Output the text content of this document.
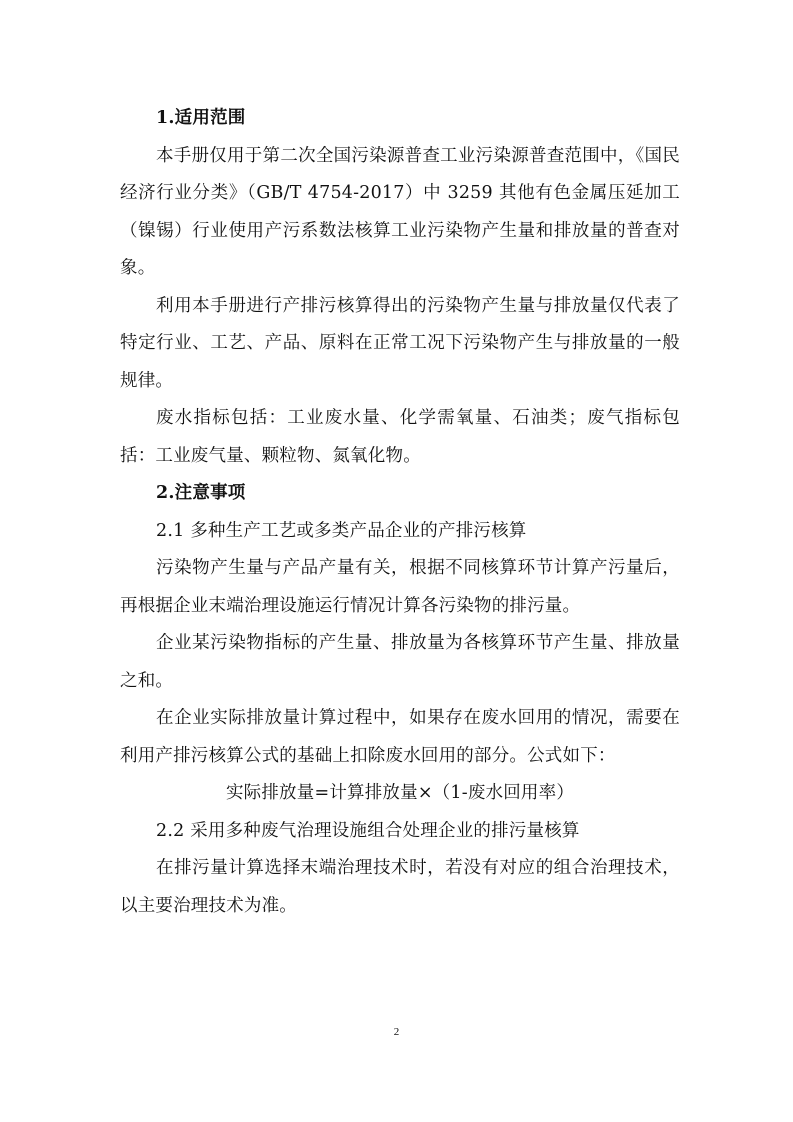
1.适用范围

本手册仅用于第二次全国污染源普查工业污染源普查范围中，《国民经济行业分类》（GB/T 4754-2017）中 3259 其他有色金属压延加工（镍锡）行业使用产污系数法核算工业污染物产生量和排放量的普查对象。

利用本手册进行产排污核算得出的污染物产生量与排放量仅代表了特定行业、工艺、产品、原料在正常工况下污染物产生与排放量的一般规律。

废水指标包括：工业废水量、化学需氧量、石油类；废气指标包括：工业废气量、颗粒物、氮氧化物。

2.注意事项

2.1 多种生产工艺或多类产品企业的产排污核算

污染物产生量与产品产量有关，根据不同核算环节计算产污量后，再根据企业末端治理设施运行情况计算各污染物的排污量。

企业某污染物指标的产生量、排放量为各核算环节产生量、排放量之和。

在企业实际排放量计算过程中，如果存在废水回用的情况，需要在利用产排污核算公式的基础上扣除废水回用的部分。公式如下：

实际排放量=计算排放量×（1-废水回用率）

2.2 采用多种废气治理设施组合处理企业的排污量核算

在排污量计算选择末端治理技术时，若没有对应的组合治理技术，以主要治理技术为准。

2
